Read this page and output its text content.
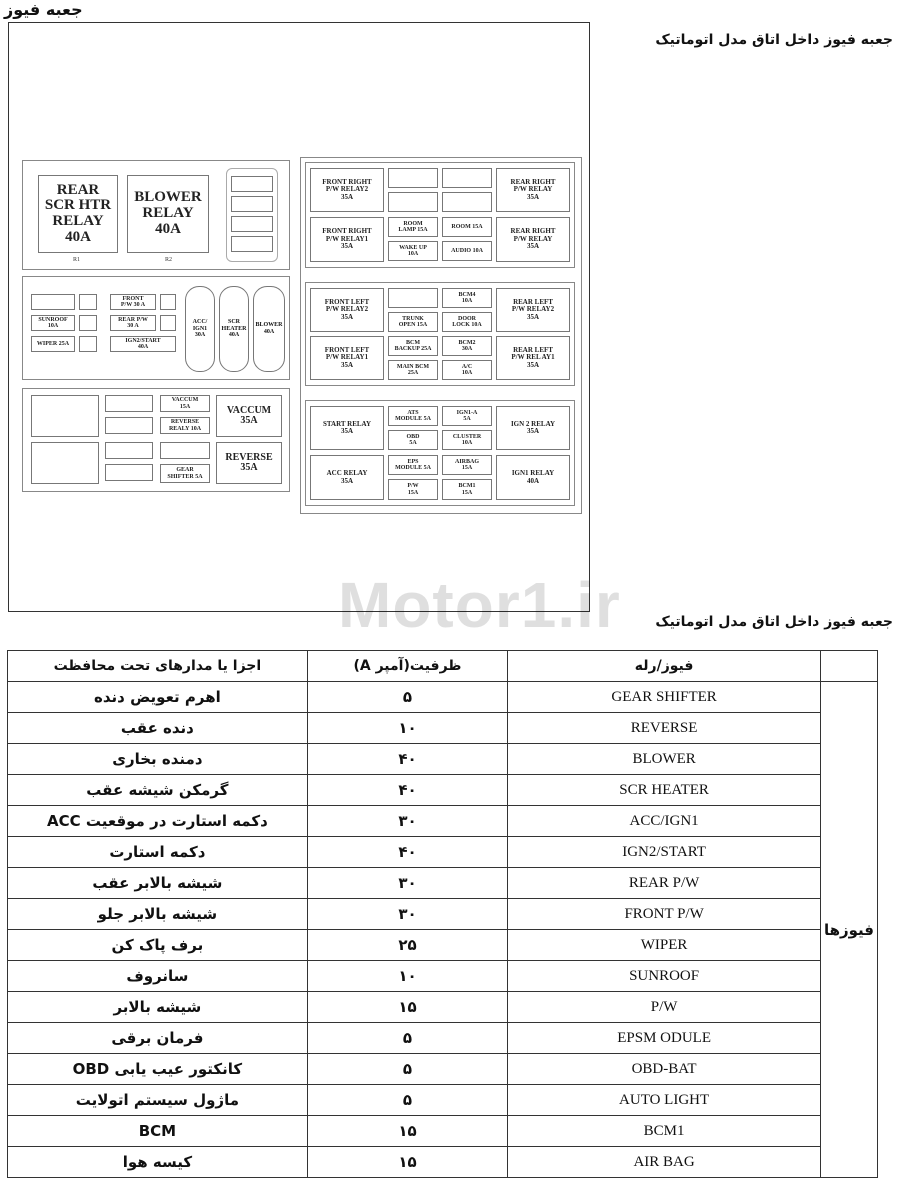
جعبه فیوز
جعبه فیوز داخل اتاق مدل اتوماتیک
REAR
SCR HTR
RELAY
40A
BLOWER
RELAY
40A
R1	R2
SUNROOF
10A
WIPER 25A
FRONT
P/W 30 A
REAR P/W
30 A
IGN2/START
40A
ACC/
IGN1
30A
SCR
HEATER
40A
BLOWER
40A
VACCUM
15A
REVERSE
REALY 10A
GEAR
SHIFTER 5A
VACCUM
35A
REVERSE
35A
FRONT RIGHT
P/W RELAY2
35A
REAR RIGHT
P/W RELAY
35A
FRONT RIGHT
P/W RELAY1
35A
ROOM
LAMP 15A
ROOM 15A
WAKE UP
10A
AUDIO 10A
REAR RIGHT
P/W RELAY
35A
FRONT LEFT
P/W RELAY2
35A
BCM4
10A
TRUNK
OPEN 15A
DOOR
LOCK 10A
REAR LEFT
P/W RELAY2
35A
FRONT LEFT
P/W RELAY1
35A
BCM
BACKUP 25A
BCM2
30A
MAIN BCM
25A
A/C
10A
REAR LEFT
P/W REL AY1
35A
START RELAY
35A
ATS
MODULE 5A
IGN1-A
5A
IGN 2 RELAY
35A
OBD
5A
CLUSTER
10A
ACC RELAY
35A
EPS
MODULE 5A
AIRBAG
15A
IGN1 RELAY
40A
P/W
15A
BCM1
15A
Motor1.ir جعبه فیوز داخل اتاق مدل اتوماتیک
اجزا یا مدارهای تحت محافظت	ظرفیت(آمپر A)	فیوز/رله	
اهرم تعویض دنده	۵	GEAR SHIFTER	فیوزها
دنده عقب	۱۰	REVERSE	
دمنده بخاری	۴۰	BLOWER	
گرمکن شیشه عقب	۴۰	SCR HEATER	
دکمه استارت در موقعیت ACC	۳۰	ACC/IGN1	
دکمه استارت	۴۰	IGN2/START	
شیشه بالابر عقب	۳۰	REAR P/W	
شیشه بالابر جلو	۳۰	FRONT P/W	
برف پاک کن	۲۵	WIPER	
سانروف	۱۰	SUNROOF	
شیشه بالابر	۱۵	P/W	
فرمان برقی	۵	EPSM ODULE	
کانکتور عیب یابی OBD	۵	OBD-BAT	
ماژول سیستم اتولایت	۵	AUTO LIGHT	
BCM	۱۵	BCM1	
کیسه هوا	۱۵	AIR BAG	
